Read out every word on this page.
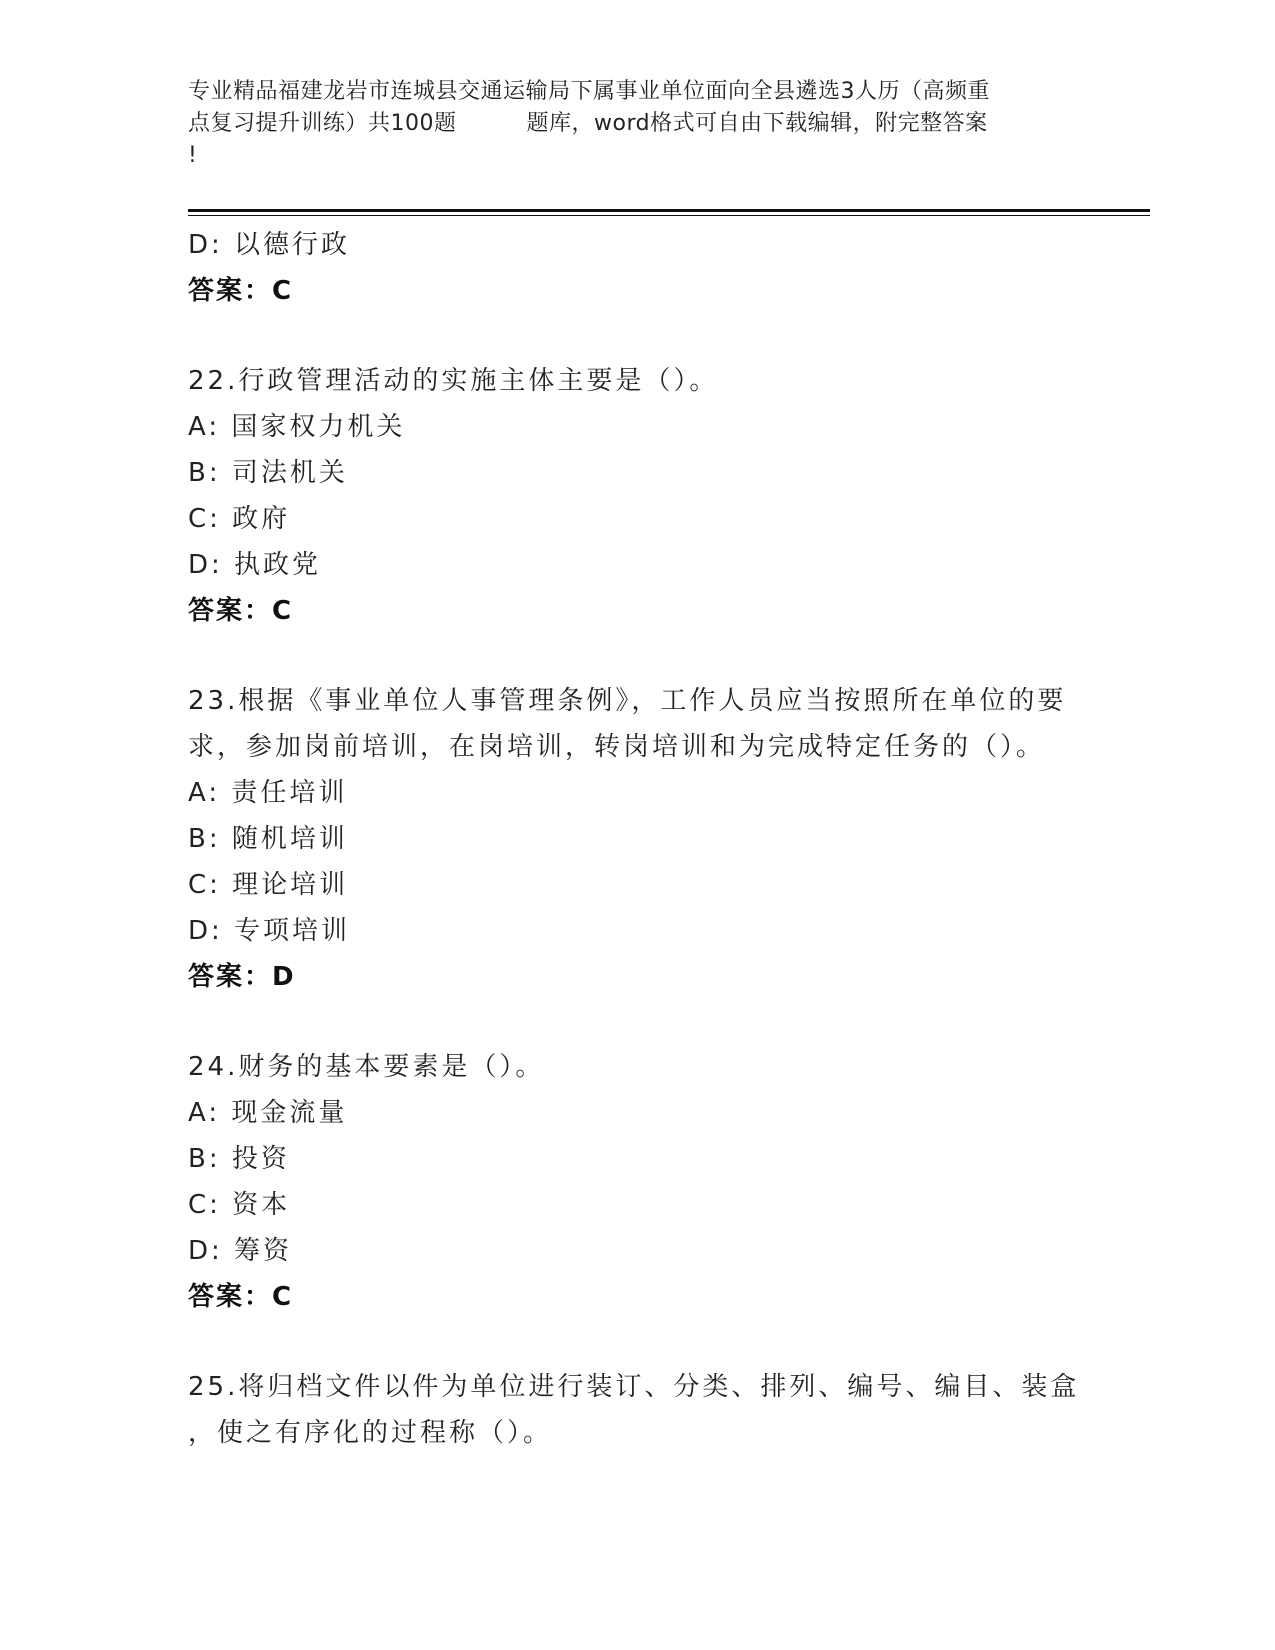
专业精品福建龙岩市连城县交通运输局下属事业单位面向全县遴选3人历（高频重
点复习提升训练）共100题	题库，word格式可自由下载编辑，附完整答案
!
D: 以德行政
答案：C
22.行政管理活动的实施主体主要是（）。
A: 国家权力机关
B: 司法机关
C: 政府
D: 执政党
答案：C
23.根据《事业单位人事管理条例》，工作人员应当按照所在单位的要
求，参加岗前培训，在岗培训，转岗培训和为完成特定任务的（）。
A: 责任培训
B: 随机培训
C: 理论培训
D: 专项培训
答案：D
24.财务的基本要素是（）。
A: 现金流量
B: 投资
C: 资本
D: 筹资
答案：C
25.将归档文件以件为单位进行装订、分类、排列、编号、编目、装盒
，使之有序化的过程称（）。
